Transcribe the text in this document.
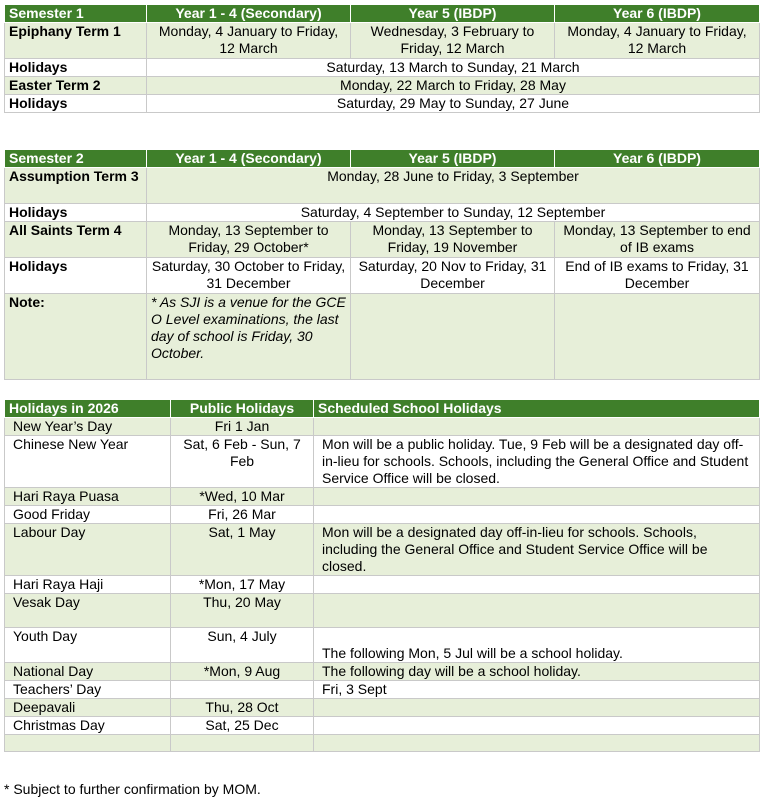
Semester 1	Year 1 - 4 (Secondary)	Year 5 (IBDP)	Year 6 (IBDP)
Epiphany Term 1	Monday, 4 January to Friday, 12 March	Wednesday, 3 February to Friday, 12 March	Monday, 4 January to Friday, 12 March
Holidays	Saturday, 13 March to Sunday, 21 March		
Easter Term 2	Monday, 22 March to Friday, 28 May		
Holidays	Saturday, 29 May to Sunday, 27 June		
Semester 2	Year 1 - 4 (Secondary)	Year 5 (IBDP)	Year 6 (IBDP)
Assumption Term 3	Monday, 28 June to Friday, 3 September		
Holidays	Saturday, 4 September to Sunday, 12 September		
All Saints Term 4	Monday, 13 September to Friday, 29 October*	Monday, 13 September to Friday, 19 November	Monday, 13 September to end of IB exams
Holidays	Saturday, 30 October to Friday, 31 December	Saturday, 20 Nov to Friday, 31 December	End of IB exams to Friday, 31 December
Note:	* As SJI is a venue for the GCE O Level examinations, the last day of school is Friday, 30 October.		
Holidays in 2026	Public Holidays	Scheduled School Holidays
New Year’s Day	Fri 1 Jan	
Chinese New Year	Sat, 6 Feb - Sun, 7 Feb	Mon will be a public holiday. Tue, 9 Feb will be a designated day off-in-lieu for schools. Schools, including the General Office and Student Service Office will be closed.
Hari Raya Puasa	*Wed, 10 Mar	
Good Friday	Fri, 26 Mar	
Labour Day	Sat, 1 May	Mon will be a designated day off-in-lieu for schools. Schools, including the General Office and Student Service Office will be closed.
Hari Raya Haji	*Mon, 17 May	
Vesak Day	Thu, 20 May	
Youth Day	Sun, 4 July	The following Mon, 5 Jul will be a school holiday.
National Day	*Mon, 9 Aug	The following day will be a school holiday.
Teachers’ Day		Fri, 3 Sept
Deepavali	Thu, 28 Oct	
Christmas Day	Sat, 25 Dec	

* Subject to further confirmation by MOM.
